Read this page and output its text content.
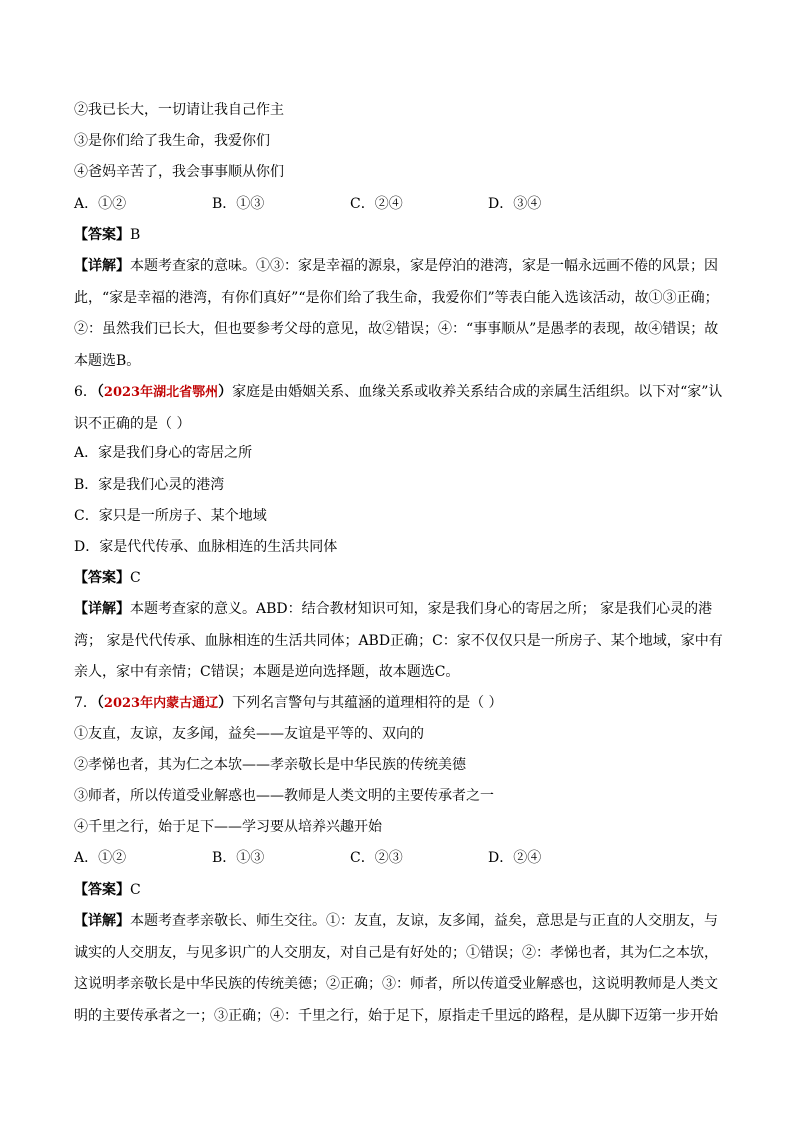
②我已长大，一切请让我自己作主
③是你们给了我生命，我爱你们
④爸妈辛苦了，我会事事顺从你们
A．①②	B．①③	C．②④	D．③④
【答案】B
【详解】本题考查家的意味。①③：家是幸福的源泉，家是停泊的港湾，家是一幅永远画不倦的风景；因此，“家是幸福的港湾，有你们真好”“是你们给了我生命，我爱你们”等表白能入选该活动，故①③正确；②：虽然我们已长大，但也要参考父母的意见，故②错误；④：“事事顺从”是愚孝的表现，故④错误；故本题选B。
6．（2023年湖北省鄂州）家庭是由婚姻关系、血缘关系或收养关系结合成的亲属生活组织。以下对“家”认识不正确的是（ ）
A．家是我们身心的寄居之所
B．家是我们心灵的港湾
C．家只是一所房子、某个地域
D．家是代代传承、血脉相连的生活共同体
【答案】C
【详解】本题考查家的意义。ABD：结合教材知识可知，家是我们身心的寄居之所； 家是我们心灵的港湾； 家是代代传承、血脉相连的生活共同体；ABD正确；C：家不仅仅只是一所房子、某个地域，家中有亲人，家中有亲情；C错误；本题是逆向选择题，故本题选C。
7．（2023年内蒙古通辽）下列名言警句与其蕴涵的道理相符的是（ ）
①友直，友谅，友多闻，益矣——友谊是平等的、双向的
②孝悌也者，其为仁之本欤——孝亲敬长是中华民族的传统美德
③师者，所以传道受业解惑也——教师是人类文明的主要传承者之一
④千里之行，始于足下——学习要从培养兴趣开始
A．①②	B．①③	C．②③	D．②④
【答案】C
【详解】本题考查孝亲敬长、师生交往。①：友直，友谅，友多闻，益矣，意思是与正直的人交朋友，与诚实的人交朋友，与见多识广的人交朋友，对自己是有好处的；①错误；②：孝悌也者，其为仁之本欤，这说明孝亲敬长是中华民族的传统美德；②正确；③：师者，所以传道受业解惑也，这说明教师是人类文明的主要传承者之一；③正确；④：千里之行，始于足下，原指走千里远的路程，是从脚下迈第一步开始
